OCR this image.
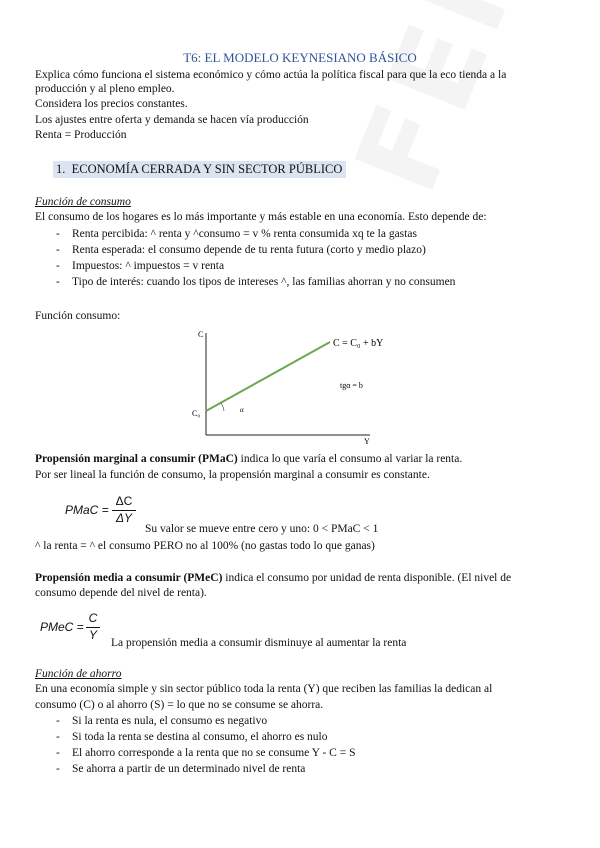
T6: EL MODELO KEYNESIANO BÁSICO
Explica cómo funciona el sistema económico y cómo actúa la política fiscal para que la eco tienda a la
producción y al pleno empleo.
Considera los precios constantes.
Los ajustes entre oferta y demanda se hacen vía producción
Renta = Producción
1. ECONOMÍA CERRADA Y SIN SECTOR PÚBLICO
Función de consumo
El consumo de los hogares es lo más importante y más estable en una economía. Esto depende de:
- Renta percibida: ^ renta y ^consumo = v % renta consumida xq te la gastas
- Renta esperada: el consumo depende de tu renta futura (corto y medio plazo)
- Impuestos: ^ impuestos = v renta
- Tipo de interés: cuando los tipos de intereses ^, las familias ahorran y no consumen
Función consumo:
C
Y
C = C₀ + bY
C₀	α
tgα = b
Propensión marginal a consumir (PMaC) indica lo que varía el consumo al variar la renta.
Por ser lineal la función de consumo, la propensión marginal a consumir es constante.
PMaC =
ΔC
ΔY
Su valor se mueve entre cero y uno: 0 < PMaC < 1
^ la renta = ^ el consumo PERO no al 100% (no gastas todo lo que ganas)
Propensión media a consumir (PMeC) indica el consumo por unidad de renta disponible. (El nivel de
consumo depende del nivel de renta).
PMeC =
C
Y
La propensión media a consumir disminuye al aumentar la renta
Función de ahorro
En una economía simple y sin sector público toda la renta (Y) que reciben las familias la dedican al
consumo (C) o al ahorro (S) = lo que no se consume se ahorra.
- Si la renta es nula, el consumo es negativo
- Si toda la renta se destina al consumo, el ahorro es nulo
- El ahorro corresponde a la renta que no se consume Y - C = S
- Se ahorra a partir de un determinado nivel de renta
